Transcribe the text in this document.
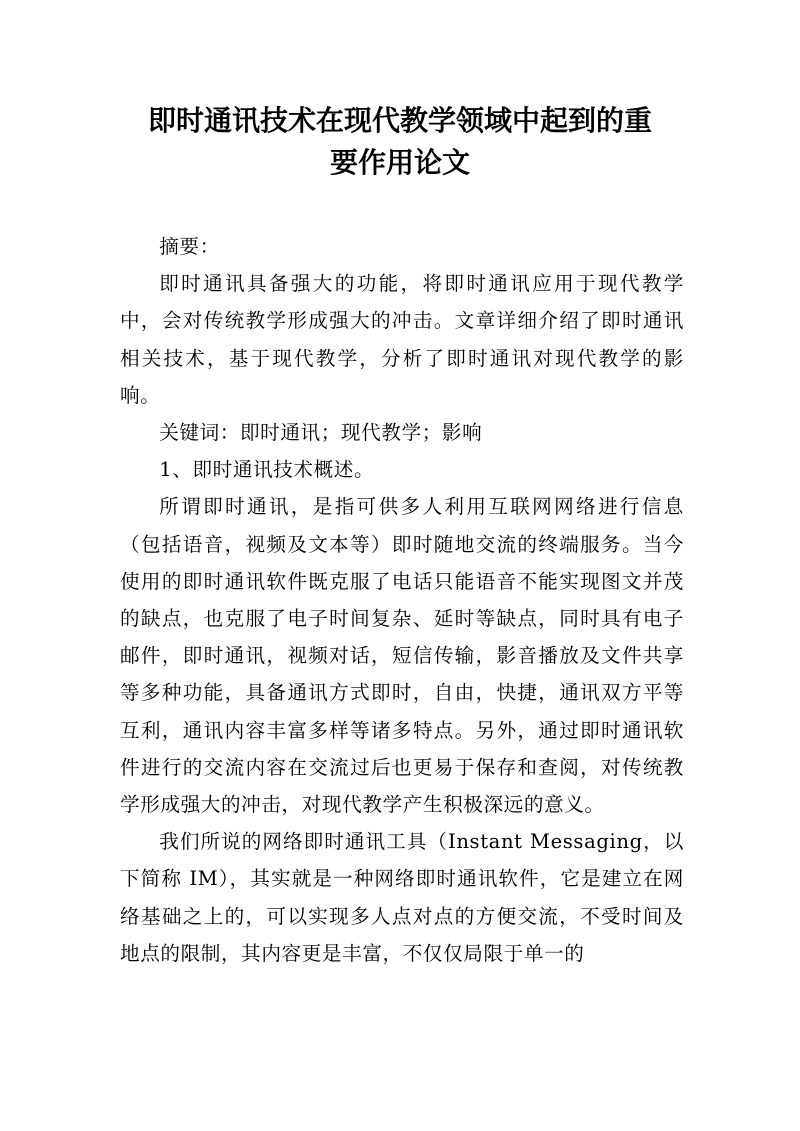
即时通讯技术在现代教学领域中起到的重
要作用论文

摘要：

即时通讯具备强大的功能，将即时通讯应用于现代教学中，会对传统教学形成强大的冲击。文章详细介绍了即时通讯相关技术，基于现代教学，分析了即时通讯对现代教学的影响。

关键词：即时通讯；现代教学；影响

1、即时通讯技术概述。

所谓即时通讯，是指可供多人利用互联网网络进行信息（包括语音，视频及文本等）即时随地交流的终端服务。当今使用的即时通讯软件既克服了电话只能语音不能实现图文并茂的缺点，也克服了电子时间复杂、延时等缺点，同时具有电子邮件，即时通讯，视频对话，短信传输，影音播放及文件共享等多种功能，具备通讯方式即时，自由，快捷，通讯双方平等互利，通讯内容丰富多样等诸多特点。另外，通过即时通讯软件进行的交流内容在交流过后也更易于保存和查阅，对传统教学形成强大的冲击，对现代教学产生积极深远的意义。

我们所说的网络即时通讯工具（Instant Messaging，以下简称 IM），其实就是一种网络即时通讯软件，它是建立在网络基础之上的，可以实现多人点对点的方便交流，不受时间及地点的限制，其内容更是丰富，不仅仅局限于单一的
